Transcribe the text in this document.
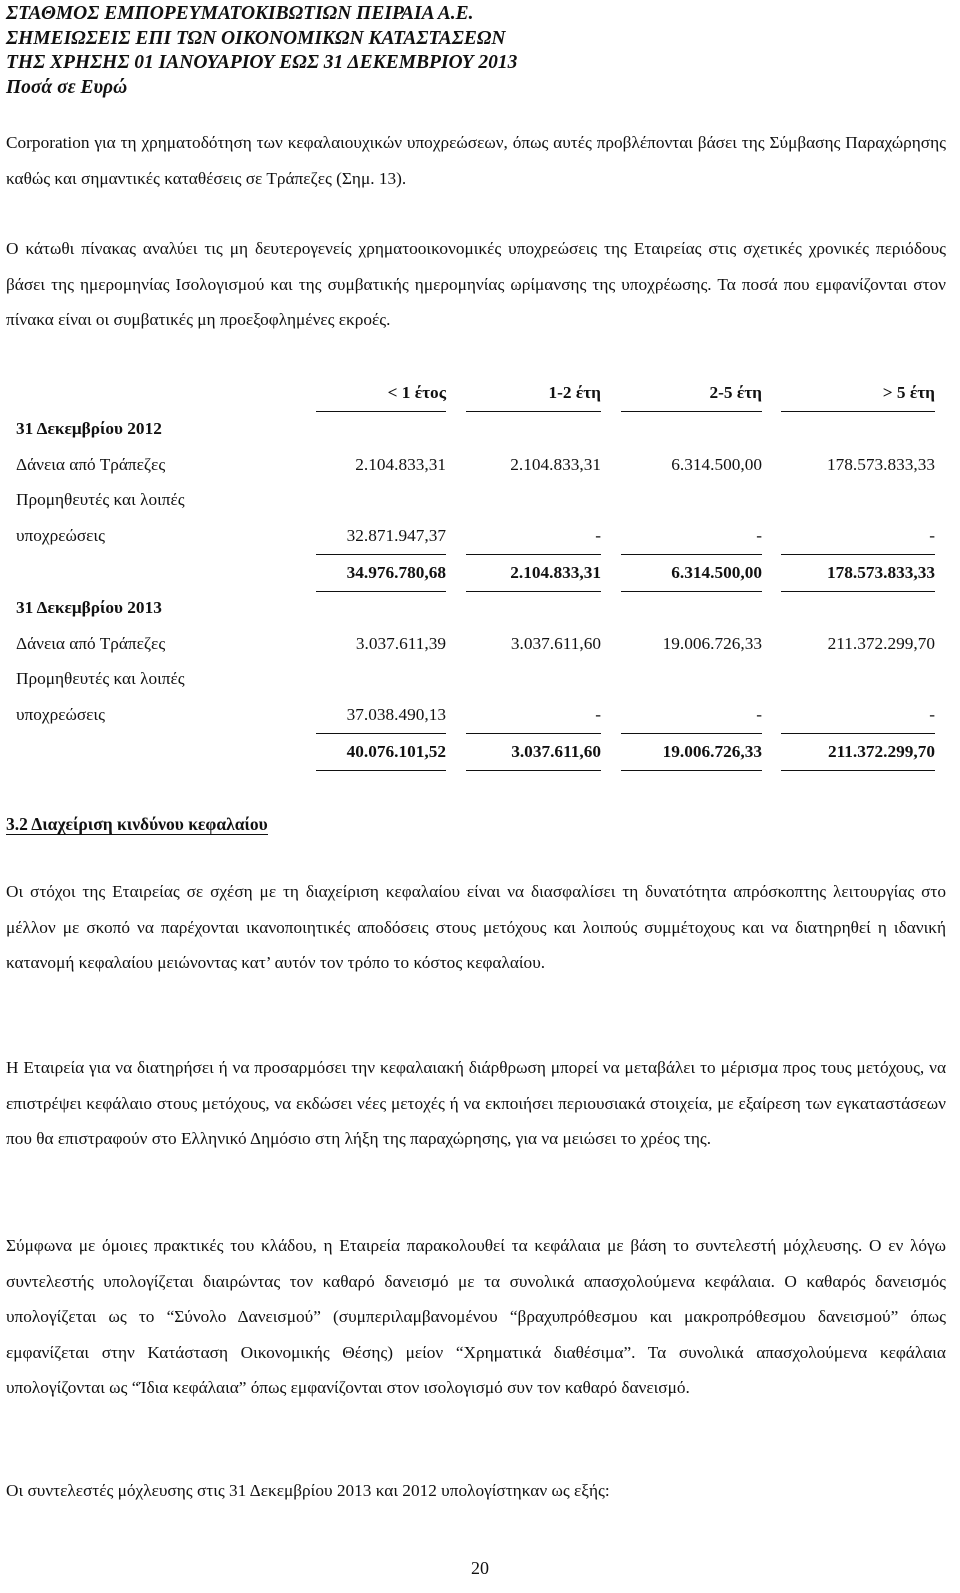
ΣΤΑΘΜΟΣ ΕΜΠΟΡΕΥΜΑΤΟΚΙΒΩΤΙΩΝ ΠΕΙΡΑΙΑ Α.Ε.
ΣΗΜΕΙΩΣΕΙΣ ΕΠΙ ΤΩΝ ΟΙΚΟΝΟΜΙΚΩΝ ΚΑΤΑΣΤΑΣΕΩΝ
ΤΗΣ ΧΡΗΣΗΣ 01 ΙΑΝΟΥΑΡΙΟΥ ΕΩΣ 31 ΔΕΚΕΜΒΡΙΟΥ 2013
Ποσά σε Ευρώ
Corporation για τη χρηματοδότηση των κεφαλαιουχικών υποχρεώσεων, όπως αυτές προβλέπονται βάσει της Σύμβασης Παραχώρησης καθώς και σημαντικές καταθέσεις σε Τράπεζες (Σημ. 13).
Ο κάτωθι πίνακας αναλύει τις μη δευτερογενείς χρηματοοικονομικές υποχρεώσεις της Εταιρείας στις σχετικές χρονικές περιόδους βάσει της ημερομηνίας Ισολογισμού και της συμβατικής ημερομηνίας ωρίμανσης της υποχρέωσης. Τα ποσά που εμφανίζονται στον πίνακα είναι οι συμβατικές μη προεξοφλημένες εκροές.
< 1 έτος	1-2 έτη	2-5 έτη	> 5 έτη
31 Δεκεμβρίου 2012
Δάνεια από Τράπεζες	2.104.833,31	2.104.833,31	6.314.500,00	178.573.833,33
Προμηθευτές και λοιπές
υποχρεώσεις	32.871.947,37	-	-	-
34.976.780,68	2.104.833,31	6.314.500,00	178.573.833,33
31 Δεκεμβρίου 2013
Δάνεια από Τράπεζες	3.037.611,39	3.037.611,60	19.006.726,33	211.372.299,70
Προμηθευτές και λοιπές
υποχρεώσεις	37.038.490,13	-	-	-
40.076.101,52	3.037.611,60	19.006.726,33	211.372.299,70
3.2 Διαχείριση κινδύνου κεφαλαίου
Οι στόχοι της Εταιρείας σε σχέση με τη διαχείριση κεφαλαίου είναι να διασφαλίσει τη δυνατότητα απρόσκοπτης λειτουργίας στο μέλλον με σκοπό να παρέχονται ικανοποιητικές αποδόσεις στους μετόχους και λοιπούς συμμέτοχους και να διατηρηθεί η ιδανική κατανομή κεφαλαίου μειώνοντας κατ’ αυτόν τον τρόπο το κόστος κεφαλαίου.
Η Εταιρεία για να διατηρήσει ή να προσαρμόσει την κεφαλαιακή διάρθρωση μπορεί να μεταβάλει το μέρισμα προς τους μετόχους, να επιστρέψει κεφάλαιο στους μετόχους, να εκδώσει νέες μετοχές ή να εκποιήσει περιουσιακά στοιχεία, με εξαίρεση των εγκαταστάσεων που θα επιστραφούν στο Ελληνικό Δημόσιο στη λήξη της παραχώρησης, για να μειώσει το χρέος της.
Σύμφωνα με όμοιες πρακτικές του κλάδου, η Εταιρεία παρακολουθεί τα κεφάλαια με βάση το συντελεστή μόχλευσης. Ο εν λόγω συντελεστής υπολογίζεται διαιρώντας τον καθαρό δανεισμό με τα συνολικά απασχολούμενα κεφάλαια. Ο καθαρός δανεισμός υπολογίζεται ως το “Σύνολο Δανεισμού” (συμπεριλαμβανομένου “βραχυπρόθεσμου και μακροπρόθεσμου δανεισμού” όπως εμφανίζεται στην Κατάσταση Οικονομικής Θέσης) μείον “Χρηματικά διαθέσιμα”. Τα συνολικά απασχολούμενα κεφάλαια υπολογίζονται ως “Ίδια κεφάλαια” όπως εμφανίζονται στον ισολογισμό συν τον καθαρό δανεισμό.
Οι συντελεστές μόχλευσης στις 31 Δεκεμβρίου 2013 και 2012 υπολογίστηκαν ως εξής:
20
